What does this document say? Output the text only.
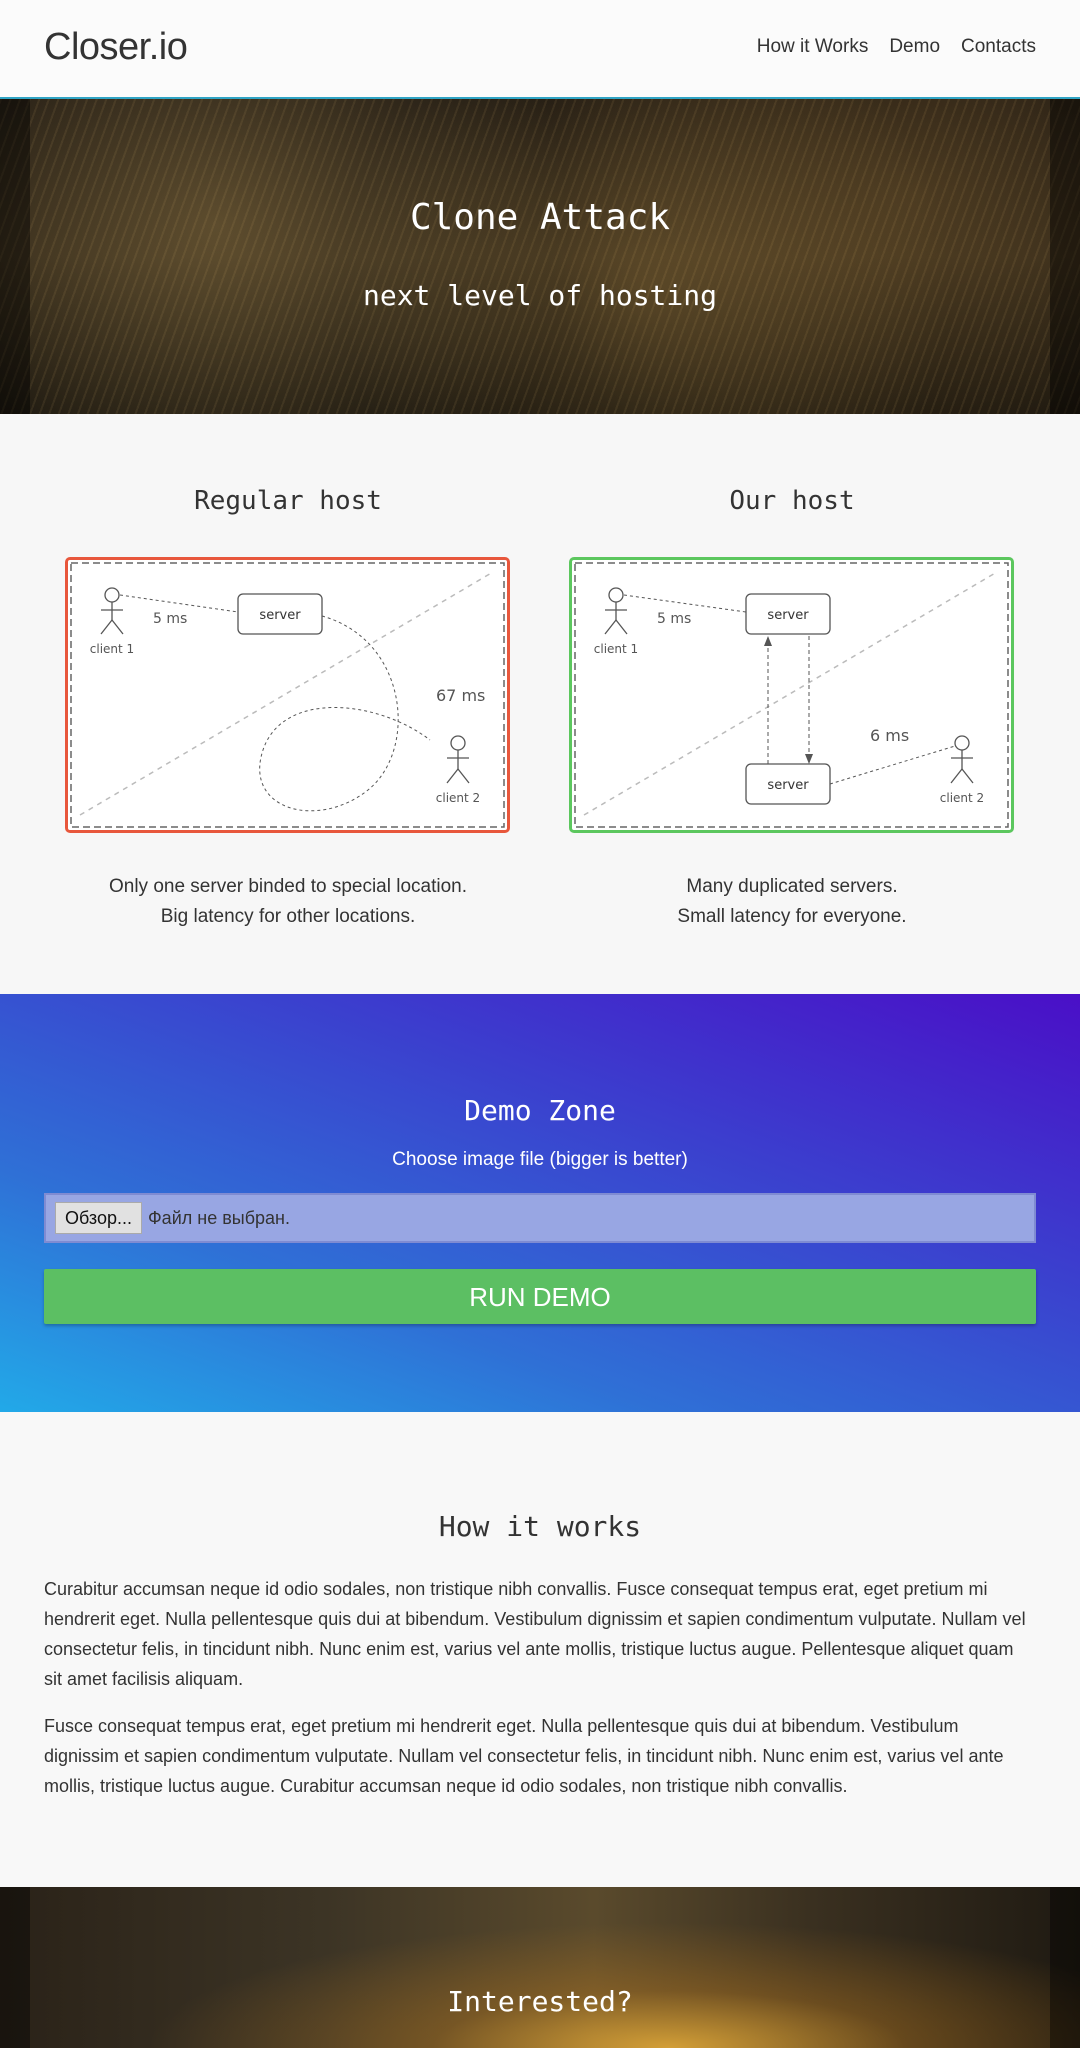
Closer.io	How it Works Demo Contacts
Clone Attack
next level of hosting
Regular host	Our host
client 1
5 ms	server
67 ms
client 2
client 1
5 ms	server
server
6 ms
client 2
Only one server binded to special location.
Big latency for other locations.
Many duplicated servers.
Small latency for everyone.
Demo Zone
Choose image file (bigger is better)
Обзор... Файл не выбран.
RUN DEMO
How it works

Curabitur accumsan neque id odio sodales, non tristique nibh convallis. Fusce consequat tempus erat, eget pretium mi hendrerit eget. Nulla pellentesque quis dui at bibendum. Vestibulum dignissim et sapien condimentum vulputate. Nullam vel consectetur felis, in tincidunt nibh. Nunc enim est, varius vel ante mollis, tristique luctus augue. Pellentesque aliquet quam sit amet facilisis aliquam.

Fusce consequat tempus erat, eget pretium mi hendrerit eget. Nulla pellentesque quis dui at bibendum. Vestibulum dignissim et sapien condimentum vulputate. Nullam vel consectetur felis, in tincidunt nibh. Nunc enim est, varius vel ante mollis, tristique luctus augue. Curabitur accumsan neque id odio sodales, non tristique nibh convallis.

Interested?
